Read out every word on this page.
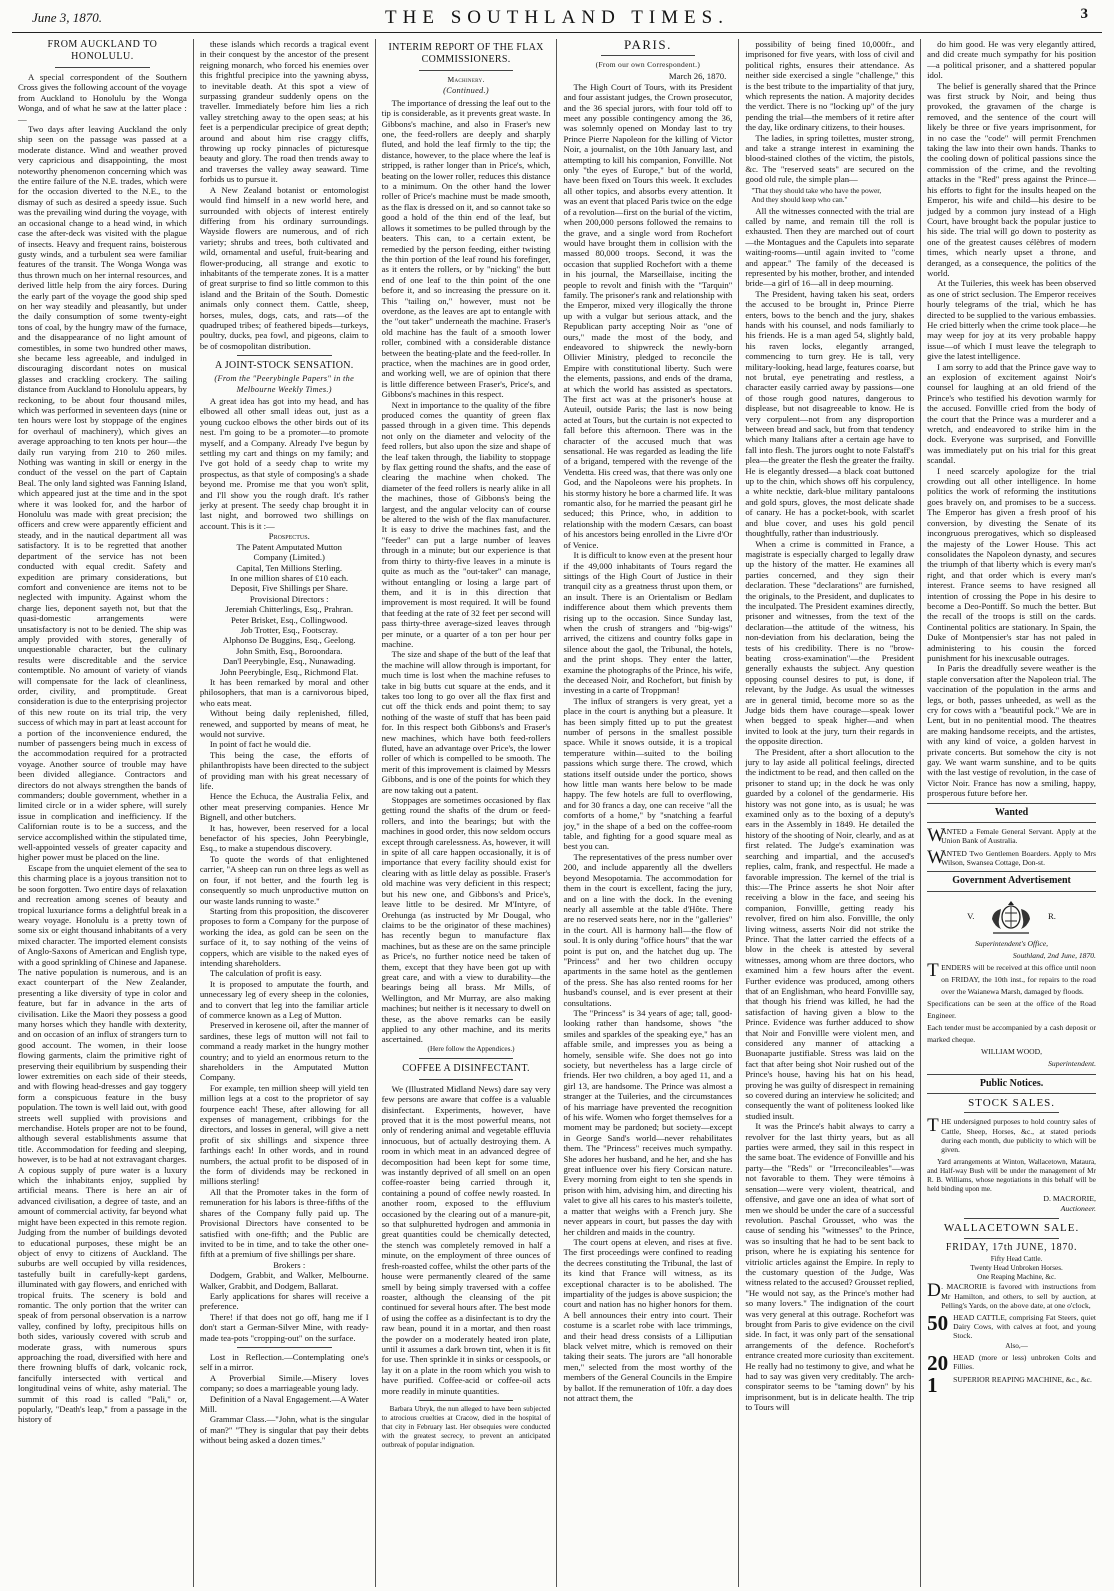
June 3, 1870.	THE SOUTHLAND TIMES.	3
FROM AUCKLAND TO HONOLULU.

A special correspondent of the Southern Cross gives the following account of the voyage from Auckland to Honolulu by the Wonga Wonga, and of what he saw at the latter place :—

Two days after leaving Auckland the only ship seen on the passage was passed at a moderate distance. Wind and weather proved very capricious and disappointing, the most noteworthy phenomenon concerning which was the entire failure of the N.E. trades, which were for the occasion diverted to the N.E., to the dismay of such as desired a speedy issue. Such was the prevailing wind during the voyage, with an occasional change to a head wind, in which case the after-deck was visited with the plague of insects. Heavy and frequent rains, boisterous gusty winds, and a turbulent sea were familiar features of the transit. The Wonga Wonga was thus thrown much on her internal resources, and derived little help from the airy forces. During the early part of the voyage the good ship sped on her way steadily and pleasantly, but under the daily consumption of some twenty-eight tons of coal, by the hungry maw of the furnace, and the disappearance of no light amount of comestibles, in some two hundred other maws, she became less agreeable, and indulged in discouraging discordant notes on musical glasses and crackling crockery. The sailing distance from Auckland to Honolulu appears, by reckoning, to be about four thousand miles, which was performed in seventeen days (nine or ten hours were lost by stoppage of the engines for overhaul of machinery), which gives an average approaching to ten knots per hour—the daily run varying from 210 to 260 miles. Nothing was wanting in skill or energy in the conduct of the vessel on the part of Captain Beal. The only land sighted was Fanning Island, which appeared just at the time and in the spot where it was looked for, and the harbor of Honolulu was made with great precision; the officers and crew were apparently efficient and steady, and in the nautical department all was satisfactory. It is to be regretted that another department of the service has not been conducted with equal credit. Safety and expedition are primary considerations, but comfort and convenience are items not to be neglected with impunity. Against whom the charge lies, deponent sayeth not, but that the quasi-domestic arrangements were unsatisfactory is not to be denied. The ship was amply provided with stores, generally of unquestionable character, but the culinary results were discreditable and the service contemptible. No amount of variety of viands will compensate for the lack of cleanliness, order, civility, and promptitude. Great consideration is due to the enterprising projector of this new route on its trial trip, the very success of which may in part at least account for a portion of the inconvenience endured, the number of passengers being much in excess of the accommodation required for a protracted voyage. Another source of trouble may have been divided allegiance. Contractors and directors do not always strengthen the bands of commanders; double government, whether in a limited circle or in a wider sphere, will surely issue in complication and inefficiency. If the Californian route is to be a success, and the service accomplished within the stipulated time, well-appointed vessels of greater capacity and higher power must be placed on the line.

Escape from the unquiet element of the sea to this charming place is a joyous transition not to be soon forgotten. Two entire days of relaxation and recreation among scenes of beauty and tropical luxuriance forms a delightful break in a weary voyage. Honolulu is a pretty town of some six or eight thousand inhabitants of a very mixed character. The imported element consists of Anglo-Saxons of American and English type, with a good sprinkling of Chinese and Japanese. The native population is numerous, and is an exact counterpart of the New Zealander, presenting a like diversity of type in color and feature, but far in advance in the arts of civilisation. Like the Maori they possess a good many horses which they handle with dexterity, and on occasion of an influx of strangers turn to good account. The women, in their loose flowing garments, claim the primitive right of preserving their equilibrium by suspending their lower extremities on each side of their steeds, and with flowing head-dresses and gay toggery form a conspicuous feature in the busy population. The town is well laid out, with good streets well supplied with provisions and merchandise. Hotels proper are not to be found, although several establishments assume that title. Accommodation for feeding and sleeping, however, is to be had at not extravagant charges. A copious supply of pure water is a luxury which the inhabitants enjoy, supplied by artificial means. There is here an air of advanced civilisation, a degree of taste, and an amount of commercial activity, far beyond what might have been expected in this remote region. Judging from the number of buildings devoted to educational purposes, these might be an object of envy to citizens of Auckland. The suburbs are well occupied by villa residences, tastefully built in carefully-kept gardens, illuminated with gay flowers, and enriched with tropical fruits. The scenery is bold and romantic. The only portion that the writer can speak of from personal observation is a narrow valley, confined by lofty, precipitous hills on both sides, variously covered with scrub and moderate grass, with numerous spurs approaching the road, diversified with here and there frowning bluffs of dark, volcanic rock, fancifully intersected with vertical and longitudinal veins of white, ashy material. The summit of this road is called "Pali," or, popularly, "Death's leap," from a passage in the history of

these islands which records a tragical event in their conquest by the ancestor of the present reigning monarch, who forced his enemies over this frightful precipice into the yawning abyss, to inevitable death. At this spot a view of surpassing grandeur suddenly opens on the traveller. Immediately before him lies a rich valley stretching away to the open seas; at his feet is a perpendicular precipice of great depth; around and about him rise craggy cliffs, throwing up rocky pinnacles of picturesque beauty and glory. The road then trends away to and traverses the valley away seaward. Time forbids us to pursue it.

A New Zealand botanist or entomologist would find himself in a new world here, and surrounded with objects of interest entirely differing from his ordinary surroundings. Wayside flowers are numerous, and of rich variety; shrubs and trees, both cultivated and wild, ornamental and useful, fruit-bearing and flower-producing, all strange and exotic to inhabitants of the temperate zones. It is a matter of great surprise to find so little common to this island and the Britain of the South. Domestic animals only connect them. Cattle, sheep, horses, mules, dogs, cats, and rats—of the quadruped tribes; of feathered bipeds—turkeys, poultry, ducks, pea fowl, and pigeons, claim to be of cosmopolitan distribution.

A JOINT-STOCK SENSATION.
(From the "Peerybingle Papers" in the Melbourne Weekly Times.)

A great idea has got into my head, and has elbowed all other small ideas out, just as a young cuckoo elbows the other birds out of its nest. I'm going to be a promoter—to promote myself, and a Company. Already I've begun by settling my cart and things on my family; and I've got hold of a seedy chap to write my prospectus, as that style of composing's a shade beyond me. Promise me that you won't split, and I'll show you the rough draft. It's rather jerky at present. The seedy chap brought it in last night, and borrowed two shillings on account. This is it :—

Prospectus.

The Patent Amputated Mutton

Company (Limited.)

Capital, Ten Millions Sterling.

In one million shares of £10 each.

Deposit, Five Shillings per Share.

Provisional Directors :

Jeremiah Chitterlings, Esq., Prahran.

Peter Brisket, Esq., Collingwood.

Job Trotter, Esq., Footscray.

Alphonso De Buggins, Esq., Geelong.

John Smith, Esq., Boroondara.

Dan'l Peerybingle, Esq., Nunawading.

John Peerybingle, Esq., Richmond Flat.

It has been remarked by moral and other philosophers, that man is a carnivorous biped, who eats meat.

Without being daily replenished, filled, renewed, and supported by means of meat, he would not survive.

In point of fact he would die.

This being the case, the efforts of philanthropists have been directed to the subject of providing man with his great necessary of life.

Hence the Echuca, the Australia Felix, and other meat preserving companies. Hence Mr Bignell, and other butchers.

It has, however, been reserved for a local benefactor of his species, John Peerybingle, Esq., to make a stupendous discovery.

To quote the words of that enlightened carrier, "A sheep can run on three legs as well as on four, if not better, and the fourth leg is consequently so much unproductive mutton on our waste lands running to waste."

Starting from this proposition, the discoverer proposes to form a Company for the purpose of working the idea, as gold can be seen on the surface of it, to say nothing of the veins of coppers, which are visible to the naked eyes of intending shareholders.

The calculation of profit is easy.

It is proposed to amputate the fourth, and unnecessary leg of every sheep in the colonies, and to convert that leg into the familiar article of commerce known as a Leg of Mutton.

Preserved in kerosene oil, after the manner of sardines, these legs of mutton will not fail to command a ready market in the hungry mother country; and to yield an enormous return to the shareholders in the Amputated Mutton Company.

For example, ten million sheep will yield ten million legs at a cost to the proprietor of say fourpence each! These, after allowing for all expenses of management, cribbings for the directors, and losses in general, will give a nett profit of six shillings and sixpence three farthings each! In other words, and in round numbers, the actual profit to be disposed of in the form of dividends may be reckoned in millions sterling!

All that the Promoter takes in the form of remuneration for his labors is three-fifths of the shares of the Company fully paid up. The Provisional Directors have consented to be satisfied with one-fifth; and the Public are invited to be in time, and to take the other one-fifth at a premium of five shillings per share.

Brokers :

Dodgem, Grabbit, and Walker, Melbourne. Walker, Grabbit, and Dodgem, Ballarat.

Early applications for shares will receive a preference.

There! if that does not go off, hang me if I don't start a German-Silver Mine, with ready-made tea-pots "cropping-out" on the surface.

Lost in Reflection.—Contemplating one's self in a mirror.

A Proverbial Simile.—Misery loves company; so does a marriageable young lady.

Definition of a Naval Engagement.—A Water Mill.

Grammar Class.—"John, what is the singular of man?" "They is singular that pay their debts without being asked a dozen times."

INTERIM REPORT OF THE FLAX COMMISSIONERS.
Machinery.
(Continued.)

The importance of dressing the leaf out to the tip is considerable, as it prevents great waste. In Gibbons's machine, and also in Fraser's new one, the feed-rollers are deeply and sharply fluted, and hold the leaf firmly to the tip; the distance, however, to the place where the leaf is stripped, is rather longer than in Price's, which, beating on the lower roller, reduces this distance to a minimum. On the other hand the lower roller of Price's machine must be made smooth, as the flax is dressed on it, and so cannot take so good a hold of the thin end of the leaf, but allows it sometimes to be pulled through by the beaters. This can, to a certain extent, be remedied by the person feeding, either twisting the thin portion of the leaf round his forefinger, as it enters the rollers, or by "nicking" the butt end of one leaf to the thin point of the one before it, and so increasing the pressure on it. This "tailing on," however, must not be overdone, as the leaves are apt to entangle with the "out taker" underneath the machine. Fraser's old machine has the fault of a smooth lower roller, combined with a considerable distance between the beating-plate and the feed-roller. In practice, when the machines are in good order, and working well, we are of opinion that there is little difference between Fraser's, Price's, and Gibbons's machines in this respect.

Next in importance to the quality of the fibre produced comes the quantity of green flax passed through in a given time. This depends not only on the diameter and velocity of the feed rollers, but also upon the size and shape of the leaf taken through, the liability to stoppage by flax getting round the shafts, and the ease of clearing the machine when choked. The diameter of the feed rollers is nearly alike in all the machines, those of Gibbons's being the largest, and the angular velocity can of course be altered to the wish of the flax manufacturer. It is easy to drive the machines fast, and the "feeder" can put a large number of leaves through in a minute; but our experience is that from thirty to thirty-five leaves in a minute is quite as much as the "out-taker" can manage, without entangling or losing a large part of them, and it is in this direction that improvement is most required. It will be found that feeding at the rate of 32 feet per second will pass thirty-three average-sized leaves through per minute, or a quarter of a ton per hour per machine.

The size and shape of the butt of the leaf that the machine will allow through is important, for much time is lost when the machine refuses to take in big butts cut square at the ends, and it takes too long to go over all the flax first and cut off the thick ends and point them; to say nothing of the waste of stuff that has been paid for. In this respect both Gibbons's and Fraser's new machines, which have both feed-rollers fluted, have an advantage over Price's, the lower roller of which is compelled to be smooth. The merit of this improvement is claimed by Messrs Gibbons, and is one of the points for which they are now taking out a patent.

Stoppages are sometimes occasioned by flax getting round the shafts of the drum or feed-rollers, and into the bearings; but with the machines in good order, this now seldom occurs except through carelessness. As, however, it will in spite of all care happen occasionally, it is of importance that every facility should exist for clearing with as little delay as possible. Fraser's old machine was very deficient in this respect; but his new one, and Gibbons's and Price's, leave little to be desired. Mr M'Intyre, of Orehunga (as instructed by Mr Dougal, who claims to be the originator of these machines) has recently begun to manufacture flax machines, but as these are on the same principle as Price's, no further notice need be taken of them, except that they have been got up with great care, and with a view to durability—the bearings being all brass. Mr Mills, of Wellington, and Mr Murray, are also making machines; but neither is it necessary to dwell on these, as the above remarks can be easily applied to any other machine, and its merits ascertained.

(Here follow the Appendices.)

COFFEE A DISINFECTANT.

We (Illustrated Midland News) dare say very few persons are aware that coffee is a valuable disinfectant. Experiments, however, have proved that it is the most powerful means, not only of rendering animal and vegetable effluvia innocuous, but of actually destroying them. A room in which meat in an advanced degree of decomposition had been kept for some time, was instantly deprived of all smell on an open coffee-roaster being carried through it, containing a pound of coffee newly roasted. In another room, exposed to the effluvium occasioned by the clearing out of a manure-pit, so that sulphuretted hydrogen and ammonia in great quantities could be chemically detected, the stench was completely removed in half a minute, on the employment of three ounces of fresh-roasted coffee, whilst the other parts of the house were permanently cleared of the same smell by being simply traversed with a coffee roaster, although the cleansing of the pit continued for several hours after. The best mode of using the coffee as a disinfectant is to dry the raw bean, pound it in a mortar, and then roast the powder on a moderately heated iron plate, until it assumes a dark brown tint, when it is fit for use. Then sprinkle it in sinks or cesspools, or lay it on a plate in the room which you wish to have purified. Coffee-acid or coffee-oil acts more readily in minute quantities.

Barbara Ubryk, the nun alleged to have been subjected to atrocious cruelties at Cracow, died in the hospital of that city in February last. Her obsequies were conducted with the greatest secrecy, to prevent an anticipated outbreak of popular indignation.

PARIS.
(From our own Correspondent.)

March 26, 1870.

The High Court of Tours, with its President and four assistant judges, the Crown prosecutor, and the 36 special jurors, with four told off to meet any possible contingency among the 36, was solemnly opened on Monday last to try Prince Pierre Napoleon for the killing of Victor Noir, a journalist, on the 10th January last, and attempting to kill his companion, Fonvillle. Not only "the eyes of Europe," but of the world, have been fixed on Tours this week. It excludes all other topics, and absorbs every attention. It was an event that placed Paris twice on the edge of a revolution—first on the burial of the victim, when 200,000 persons followed the remains to the grave, and a single word from Rochefort would have brought them in collision with the massed 80,000 troops. Second, it was the occasion that supplied Rochefort with a theme in his journal, the Marseillaise, inciting the people to revolt and finish with the "Tarquin" family. The prisoner's rank and relationship with the Emperor, mixed very illogically the throne up with a vulgar but serious attack, and the Republican party accepting Noir as "one of ours," made the most of the body, and endeavored to shipwreck the newly-born Ollivier Ministry, pledged to reconcile the Empire with constitutional liberty. Such were the elements, passions, and ends of the drama, at which the world has assisted as spectators. The first act was at the prisoner's house at Auteuil, outside Paris; the last is now being acted at Tours, but the curtain is not expected to fall before this afternoon. There was in the character of the accused much that was sensational. He was regarded as leading the life of a brigand, tempered with the revenge of the Vendetta. His creed was, that there was only one God, and the Napoleons were his prophets. In his stormy history he bore a charmed life. It was romantic also, for he married the peasant girl he seduced; this Prince, who, in addition to relationship with the modern Cæsars, can boast of his ancestors being enrolled in the Livre d'Or of Venice.

It is difficult to know even at the present hour if the 49,000 inhabitants of Tours regard the sittings of the High Court of Justice in their tranquil city as a greatness thrust upon them, or an insult. There is an Orientalism or Bedlam indifference about them which prevents them rising up to the occasion. Since Sunday last, when the crush of strangers and "big-wigs" arrived, the citizens and country folks gape in silence about the gaol, the Tribunal, the hotels, and the print shops. They enter the latter, examine the photographs of the Prince, his wife, the deceased Noir, and Rochefort, but finish by investing in a carte of Troppman!

The influx of strangers is very great, yet a place in the court is anything but a pleasure. It has been simply fitted up to put the greatest number of persons in the smallest possible space. While it snows outside, it is a tropical temperature within—suited to the boiling passions which surge there. The crowd, which stations itself outside under the portico, shows how little man wants here below to be made happy. The few hotels are full to overflowing, and for 30 francs a day, one can receive "all the comforts of a home," by "snatching a fearful joy," in the shape of a bed on the coffee-room table, and fighting for a good square meal as best you can.

The representatives of the press number over 200, and include apparently all the dwellers beyond Mesopotamia. The accommodation for them in the court is excellent, facing the jury, and on a line with the dock. In the evening nearly all assemble at the table d'Hôte. There are no reserved seats here, nor in the "galleries" in the court. All is harmony hall—the flow of soul. It is only during "office hours" that the war point is put on, and the hatchet dug up. The "Princess" and her two children occupy apartments in the same hotel as the gentlemen of the press. She has also rented rooms for her husband's counsel, and is ever present at their consultations.

The "Princess" is 34 years of age; tall, good-looking rather than handsome, shows "the smiles and sparkles of the speaking eye," has an affable smile, and impresses you as being a homely, sensible wife. She does not go into society, but nevertheless has a large circle of friends. Her two children, a boy aged 11, and a girl 13, are handsome. The Prince was almost a stranger at the Tuileries, and the circumstances of his marriage have prevented the recognition of his wife. Women who forget themselves for a moment may be pardoned; but society—except in George Sand's world—never rehabilitates them. The "Princess" receives much sympathy. She adores her husband, and he her, and she has great influence over his fiery Corsican nature. Every morning from eight to ten she spends in prison with him, advising him, and directing his valet to give all his cares to his master's toilette, a matter that weighs with a French jury. She never appears in court, but passes the day with her children and maids in the country.

The court opens at eleven, and rises at five. The first proceedings were confined to reading the decrees constituting the Tribunal, the last of its kind that France will witness, as its exceptional character is to be abolished. The impartiality of the judges is above suspicion; the court and nation has no higher honors for them. A bell announces their entry into court. Their costume is a scarlet robe with lace trimmings, and their head dress consists of a Lilliputian black velvet mitre, which is removed on their taking their seats. The jurors are "all honorable men," selected from the most worthy of the members of the General Councils in the Empire by ballot. If the remuneration of 10fr. a day does not attract them, the

possibility of being fined 10,000fr., and imprisoned for five years, with loss of civil and political rights, ensures their attendance. As neither side exercised a single "challenge," this is the best tribute to the impartiality of that jury, which represents the nation. A majority decides the verdict. There is no "locking up" of the jury pending the trial—the members of it retire after the day, like ordinary citizens, to their houses.

The ladies, in spring toilettes, muster strong, and take a strange interest in examining the blood-stained clothes of the victim, the pistols, &c. The "reserved seats" are secured on the good old rule, the simple plan—

"That they should take who have the power,

And they should keep who can."

All the witnesses connected with the trial are called by name, and remain till the roll is exhausted. Then they are marched out of court—the Montagues and the Capulets into separate waiting-rooms—until again invited to "come and appear." The family of the deceased is represented by his mother, brother, and intended bride—a girl of 16—all in deep mourning.

The President, having taken his seat, orders the accused to be brought in, Prince Pierre enters, bows to the bench and the jury, shakes hands with his counsel, and nods familiarly to his friends. He is a man aged 54, slightly bald, his raven locks, elegantly arranged, commencing to turn grey. He is tall, very military-looking, head large, features coarse, but not brutal, eye penetrating and restless, a character easily carried away by passions—one of those rough good natures, dangerous to displease, but not disagreeable to know. He is very corpulent—not from any disproportion between bread and sack, but from that tendency which many Italians after a certain age have to fall into flesh. The jurors ought to note Falstaff's plea—the greater the flesh the greater the frailty. He is elegantly dressed—a black coat buttoned up to the chin, which shows off his corpulency, a white necktie, dark-blue military pantaloons and gold spurs, gloves, the most delicate shade of canary. He has a pocket-book, with scarlet and blue cover, and uses his gold pencil thoughtfully, rather than industriously.

When a crime is committed in France, a magistrate is especially charged to legally draw up the history of the matter. He examines all parties concerned, and they sign their declaration. These "declarations" are furnished, the originals, to the President, and duplicates to the inculpated. The President examines directly, prisoner and witnesses, from the text of the declaration—the attitude of the witness, his non-deviation from his declaration, being the tests of his credibility. There is no "brow-beating cross-examination"—the President generally exhausts the subject. Any question opposing counsel desires to put, is done, if relevant, by the Judge. As usual the witnesses are in general timid, become more so as the Judge bids them have courage—speak lower when begged to speak higher—and when invited to look at the jury, turn their regards in the opposite direction.

The President, after a short allocution to the jury to lay aside all political feelings, directed the indictment to be read, and then called on the prisoner to stand up; in the dock he was only guarded by a colonel of the gendarmerie. His history was not gone into, as is usual; he was examined only as to the boxing of a deputy's ears in the Assembly in 1849. He detailed the history of the shooting of Noir, clearly, and as at first related. The Judge's examination was searching and impartial, and the accused's replies, calm, frank, and respectful. He made a favorable impression. The kernel of the trial is this:—The Prince asserts he shot Noir after receiving a blow in the face, and seeing his companion, Fonvillle, getting ready his revolver, fired on him also. Fonvillle, the only living witness, asserts Noir did not strike the Prince. That the latter carried the effects of a blow in the cheek is attested by several witnesses, among whom are three doctors, who examined him a few hours after the event. Further evidence was produced, among others that of an Englishman, who heard Fonvillle say, that though his friend was killed, he had the satisfaction of having given a blow to the Prince. Evidence was further adduced to show that Noir and Fonvillle were violent men, and considered any manner of attacking a Buonaparte justifiable. Stress was laid on the fact that after being shot Noir rushed out of the Prince's house, having his hat on his head, proving he was guilty of disrespect in remaining so covered during an interview he solicited; and consequently the want of politeness looked like studied insult.

It was the Prince's habit always to carry a revolver for the last thirty years, but as all parties were armed, they sail in this respect in the same boat. The evidence of Fonvillle and his party—the "Reds" or "Irreconcileables"—was not favorable to them. They were témoins à sensation—were very violent, theatrical, and offensive, and gave one an idea of what sort of men we should be under the care of a successful revolution. Paschal Grousset, who was the cause of sending his "witnesses" to the Prince, was so insulting that he had to be sent back to prison, where he is expiating his sentence for vitriolic articles against the Empire. In reply to the customary question of the Judge, Was witness related to the accused? Grousset replied, "He would not say, as the Prince's mother had so many lovers." The indignation of the court was very general at this outrage. Rochefort was brought from Paris to give evidence on the civil side. In fact, it was only part of the sensational arrangements of the defence. Rochefort's entrance created more curiosity than excitement. He really had no testimony to give, and what he had to say was given very creditably. The arch-conspirator seems to be "taming down" by his imprisonment, but is in delicate health. The trip to Tours will

do him good. He was very elegantly attired, and did create much sympathy for his position—a political prisoner, and a shattered popular idol.

The belief is generally shared that the Prince was first struck by Noir, and being thus provoked, the gravamen of the charge is removed, and the sentence of the court will likely be three or five years imprisonment, for in no case the "code" will permit Frenchmen taking the law into their own hands. Thanks to the cooling down of political passions since the commission of the crime, and the revolting attacks in the "Red" press against the Prince—his efforts to fight for the insults heaped on the Emperor, his wife and child—his desire to be judged by a common jury instead of a High Court, have brought back the popular justice to his side. The trial will go down to posterity as one of the greatest causes célèbres of modern times, which nearly upset a throne, and deranged, as a consequence, the politics of the world.

At the Tuileries, this week has been observed as one of strict seclusion. The Emperor receives hourly telegrams of the trial, which he has directed to be supplied to the various embassies. He cried bitterly when the crime took place—he may weep for joy at its very probable happy issue—of which I must leave the telegraph to give the latest intelligence.

I am sorry to add that the Prince gave way to an explosion of excitement against Noir's counsel for laughing at an old friend of the Prince's who testified his devotion warmly for the accused. Fonvillle cried from the body of the court that the Prince was a murderer and a wretch, and endeavored to strike him in the dock. Everyone was surprised, and Fonvillle was immediately put on his trial for this great scandal.

I need scarcely apologize for the trial crowding out all other intelligence. In home politics the work of reforming the institutions goes bravely on, and promises to be a success. The Emperor has given a fresh proof of his conversion, by divesting the Senate of its incongruous prerogatives, which so displeased the majesty of the Lower House. This act consolidates the Napoleon dynasty, and secures the triumph of that liberty which is every man's right, and that order which is every man's interest. France seems to have resigned all intention of crossing the Pope in his desire to become a Deo-Pontiff. So much the better. But the recall of the troops is still on the cards. Continental politics are stationary. In Spain, the Duke of Montpensier's star has not paled in administering to his cousin the forced punishment for his inexcusable outrages.

In Paris the dreadfully severe weather is the staple conversation after the Napoleon trial. The vaccination of the population in the arms and legs, or both, passes unheeded, as well as the cry for cows with a "beautiful pock." We are in Lent, but in no penitential mood. The theatres are making handsome receipts, and the artistes, with any kind of voice, a golden harvest in private concerts. But somehow the city is not gay. We want warm sunshine, and to be quits with the last vestige of revolution, in the case of Victor Noir. France has now a smiling, happy, prosperous future before her.

Wanted

W
ANTED a Female General Servant. Apply at the Union Bank of Australia.

W
ANTED Two Gentlemen Boarders. Apply to Mrs Wilson, Swansea Cottage, Don-st.

Government Advertisement
V.	R.

Superintendent's Office,

Southland, 2nd June, 1870.

T ENDERS will be received at this office until noon on FRIDAY, the 10th inst., for repairs to the road over the Waianewa Marsh, damaged by floods.

Specifications can be seen at the office of the Road Engineer.

Each tender must be accompanied by a cash deposit or marked cheque.

WILLIAM WOOD,

Superintendent.

Public Notices.
STOCK SALES.

T HE undersigned purposes to hold country sales of Cattle, Sheep, Horses, &c., at stated periods during each month, due publicity to which will be given.

Yard arrangements at Winton, Wallacetown, Mataura, and Half-way Bush will be under the management of Mr R. B. Williams, whose negotiations in this behalf will be held binding upon me.

D. MACRORIE,

Auctioneer.

WALLACETOWN SALE.
FRIDAY, 17th JUNE, 1870.

Fifty Head Cattle.

Twenty Head Unbroken Horses.

One Reaping Machine, &c.

D . MACRORIE is favored with instructions from Mr Hamilton, and others, to sell by auction, at Pelling's Yards, on the above date, at one o'clock,

50 HEAD CATTLE, comprising Fat Steers, quiet Dairy Cows, with calves at foot, and young Stock.

Also,—

20 HEAD (more or less) unbroken Colts and Fillies.
1	SUPERIOR REAPING MACHINE, &c., &c.
